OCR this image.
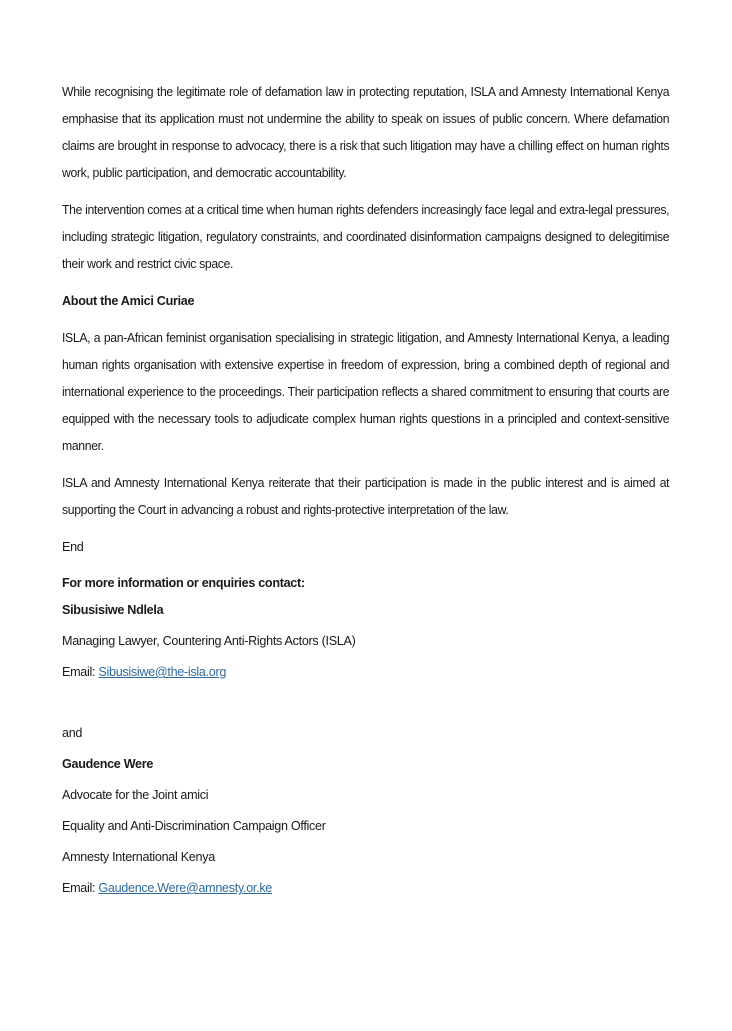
While recognising the legitimate role of defamation law in protecting reputation, ISLA and Amnesty International Kenya emphasise that its application must not undermine the ability to speak on issues of public concern. Where defamation claims are brought in response to advocacy, there is a risk that such litigation may have a chilling effect on human rights work, public participation, and democratic accountability.

The intervention comes at a critical time when human rights defenders increasingly face legal and extra-legal pressures, including strategic litigation, regulatory constraints, and coordinated disinformation campaigns designed to delegitimise their work and restrict civic space.

About the Amici Curiae

ISLA, a pan-African feminist organisation specialising in strategic litigation, and Amnesty International Kenya, a leading human rights organisation with extensive expertise in freedom of expression, bring a combined depth of regional and international experience to the proceedings. Their participation reflects a shared commitment to ensuring that courts are equipped with the necessary tools to adjudicate complex human rights questions in a principled and context-sensitive manner.

ISLA and Amnesty International Kenya reiterate that their participation is made in the public interest and is aimed at supporting the Court in advancing a robust and rights-protective interpretation of the law.

End

For more information or enquiries contact:

Sibusisiwe Ndlela

Managing Lawyer, Countering Anti-Rights Actors (ISLA)

Email: Sibusisiwe@the-isla.org

and

Gaudence Were

Advocate for the Joint amici

Equality and Anti-Discrimination Campaign Officer

Amnesty International Kenya

Email: Gaudence.Were@amnesty.or.ke
